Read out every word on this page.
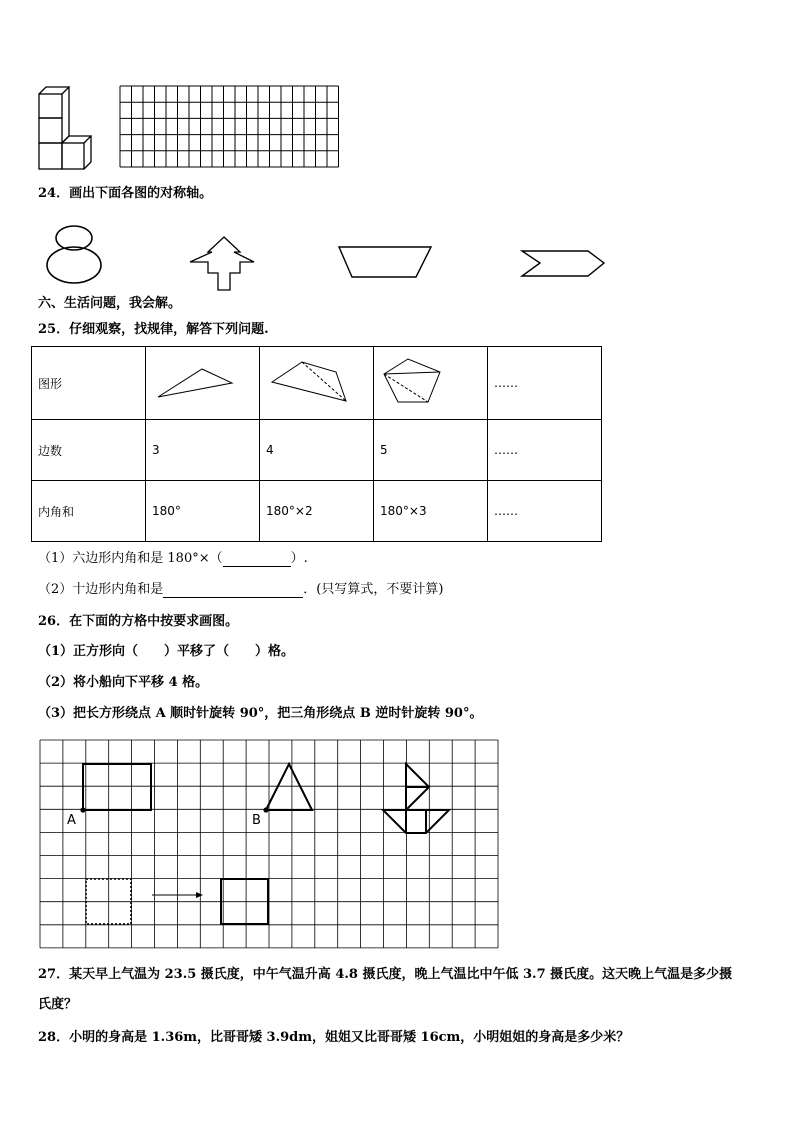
24．画出下面各图的对称轴。
六、生活问题，我会解。
25．仔细观察，找规律，解答下列问题.
图形				……
边数	3	4	5	……
内角和	180°	180°×2	180°×3	……
（1）六边形内角和是 180°×（	）.
（2）十边形内角和是	．(只写算式，不要计算)
26．在下面的方格中按要求画图。
（1）正方形向（　　）平移了（　　）格。
（2）将小船向下平移 4 格。
（3）把长方形绕点 A 顺时针旋转 90°，把三角形绕点 B 逆时针旋转 90°。
A	B
27．某天早上气温为 23.5 摄氏度，中午气温升高 4.8 摄氏度，晚上气温比中午低 3.7 摄氏度。这天晚上气温是多少摄
氏度？
28．小明的身高是 1.36m，比哥哥矮 3.9dm，姐姐又比哥哥矮 16cm，小明姐姐的身高是多少米？
